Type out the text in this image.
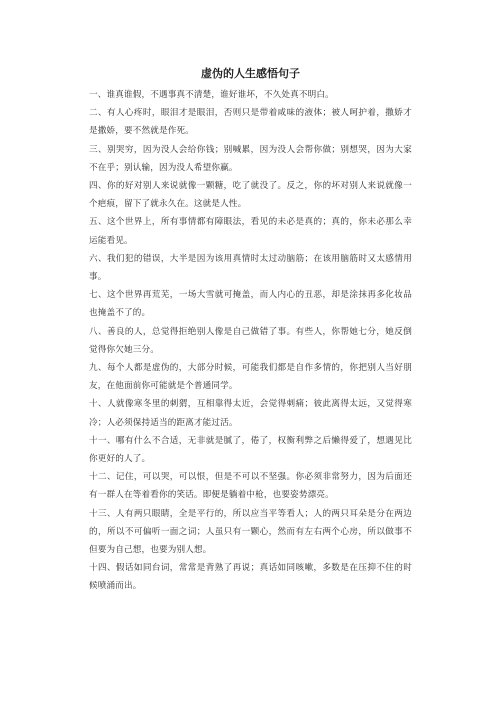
虚伪的人生感悟句子

一、谁真谁假，不遇事真不清楚，谁好谁坏，不久处真不明白。

二、有人心疼时，眼泪才是眼泪，否则只是带着咸味的液体；被人呵护着，撒娇才是撒娇，要不然就是作死。

三、别哭穷，因为没人会给你钱；别喊累，因为没人会帮你做；别想哭，因为大家不在乎；别认输，因为没人希望你赢。

四、你的好对别人来说就像一颗糖，吃了就没了。反之，你的坏对别人来说就像一个疤痕，留下了就永久在。这就是人性。

五、这个世界上，所有事情都有障眼法，看见的未必是真的；真的，你未必那么幸运能看见。

六、我们犯的错误，大半是因为该用真情时太过动脑筋；在该用脑筋时又太感情用事。

七、这个世界再荒芜，一场大雪就可掩盖，而人内心的丑恶，却是涂抹再多化妆品也掩盖不了的。

八、善良的人，总觉得拒绝别人像是自己做错了事。有些人，你帮她七分，她反倒觉得你欠她三分。

九、每个人都是虚伪的，大部分时候，可能我们都是自作多情的，你把别人当好朋友，在他面前你可能就是个普通同学。

十、人就像寒冬里的刺猬，互相靠得太近，会觉得刺痛；彼此离得太远，又觉得寒冷；人必须保持适当的距离才能过活。

十一、哪有什么不合适，无非就是腻了，倦了，权衡利弊之后懒得爱了，想遇见比你更好的人了。

十二、记住，可以哭，可以恨，但是不可以不坚强。你必须非常努力，因为后面还有一群人在等着看你的笑话。即便是躺着中枪，也要姿势漂亮。

十三、人有两只眼睛，全是平行的，所以应当平等看人；人的两只耳朵是分在两边的，所以不可偏听一面之词；人虽只有一颗心，然而有左右两个心房，所以做事不但要为自己想，也要为别人想。

十四、假话如同台词，常常是背熟了再说；真话如同咳嗽，多数是在压抑不住的时候喷涌而出。
